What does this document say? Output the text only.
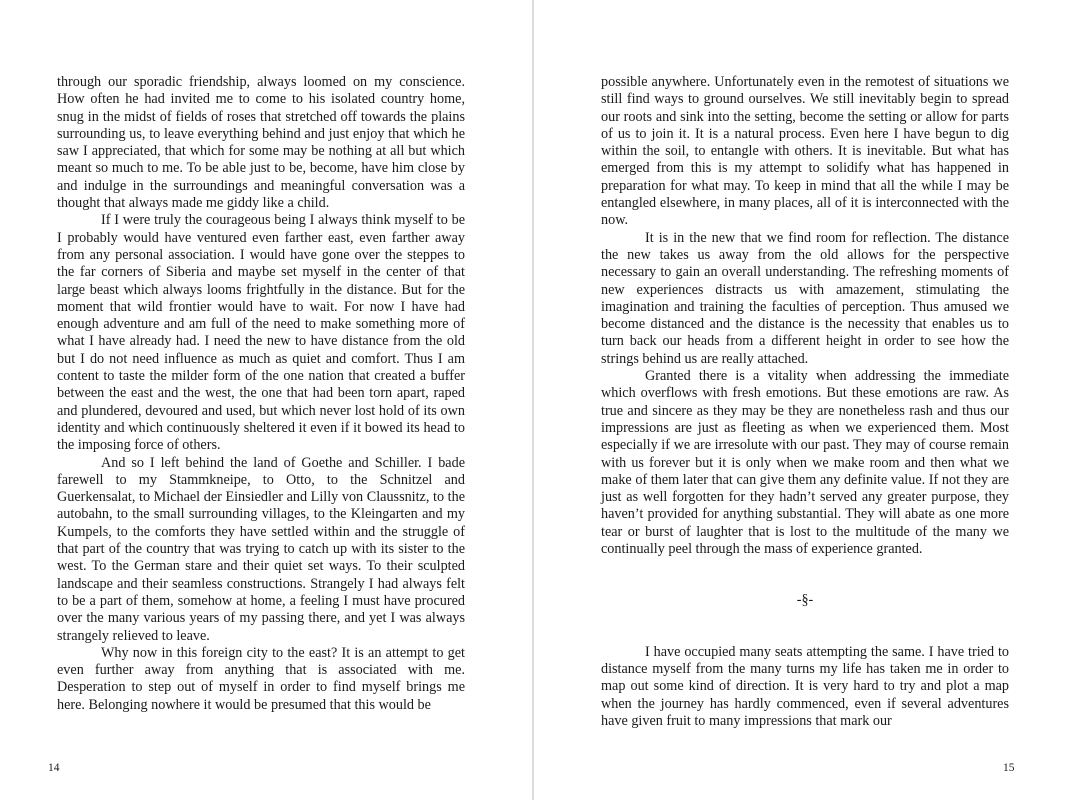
through our sporadic friendship, always loomed on my conscience. How often he had invited me to come to his isolated country home, snug in the midst of fields of roses that stretched off towards the plains surrounding us, to leave everything behind and just enjoy that which he saw I appreciated, that which for some may be nothing at all but which meant so much to me. To be able just to be, become, have him close by and indulge in the surroundings and meaningful conversation was a thought that always made me giddy like a child.

If I were truly the courageous being I always think myself to be I probably would have ventured even farther east, even farther away from any personal association. I would have gone over the steppes to the far corners of Siberia and maybe set myself in the center of that large beast which always looms frightfully in the distance. But for the moment that wild frontier would have to wait. For now I have had enough adventure and am full of the need to make something more of what I have already had. I need the new to have distance from the old but I do not need influence as much as quiet and comfort. Thus I am content to taste the milder form of the one nation that created a buffer between the east and the west, the one that had been torn apart, raped and plundered, devoured and used, but which never lost hold of its own identity and which continuously sheltered it even if it bowed its head to the imposing force of others.

And so I left behind the land of Goethe and Schiller. I bade farewell to my Stammkneipe, to Otto, to the Schnitzel and Guerkensalat, to Michael der Einsiedler and Lilly von Claussnitz, to the autobahn, to the small surrounding villages, to the Kleingarten and my Kumpels, to the comforts they have settled within and the struggle of that part of the country that was trying to catch up with its sister to the west. To the German stare and their quiet set ways. To their sculpted landscape and their seamless constructions. Strangely I had always felt to be a part of them, somehow at home, a feeling I must have procured over the many various years of my passing there, and yet I was always strangely relieved to leave.

Why now in this foreign city to the east? It is an attempt to get even further away from anything that is associated with me. Desperation to step out of myself in order to find myself brings me here. Belonging nowhere it would be presumed that this would be

14

possible anywhere. Unfortunately even in the remotest of situations we still find ways to ground ourselves. We still inevitably begin to spread our roots and sink into the setting, become the setting or allow for parts of us to join it. It is a natural process. Even here I have begun to dig within the soil, to entangle with others. It is inevitable. But what has emerged from this is my attempt to solidify what has happened in preparation for what may. To keep in mind that all the while I may be entangled elsewhere, in many places, all of it is interconnected with the now.

It is in the new that we find room for reflection. The distance the new takes us away from the old allows for the perspective necessary to gain an overall understanding. The refreshing moments of new experiences distracts us with amazement, stimulating the imagination and training the faculties of perception. Thus amused we become distanced and the distance is the necessity that enables us to turn back our heads from a different height in order to see how the strings behind us are really attached.

Granted there is a vitality when addressing the immediate which overflows with fresh emotions. But these emotions are raw. As true and sincere as they may be they are nonetheless rash and thus our impressions are just as fleeting as when we experienced them. Most especially if we are irresolute with our past. They may of course remain with us forever but it is only when we make room and then what we make of them later that can give them any definite value. If not they are just as well forgotten for they hadn’t served any greater purpose, they haven’t provided for anything substantial. They will abate as one more tear or burst of laughter that is lost to the multitude of the many we continually peel through the mass of experience granted.

-§-

I have occupied many seats attempting the same. I have tried to distance myself from the many turns my life has taken me in order to map out some kind of direction. It is very hard to try and plot a map when the journey has hardly commenced, even if several adventures have given fruit to many impressions that mark our

15
